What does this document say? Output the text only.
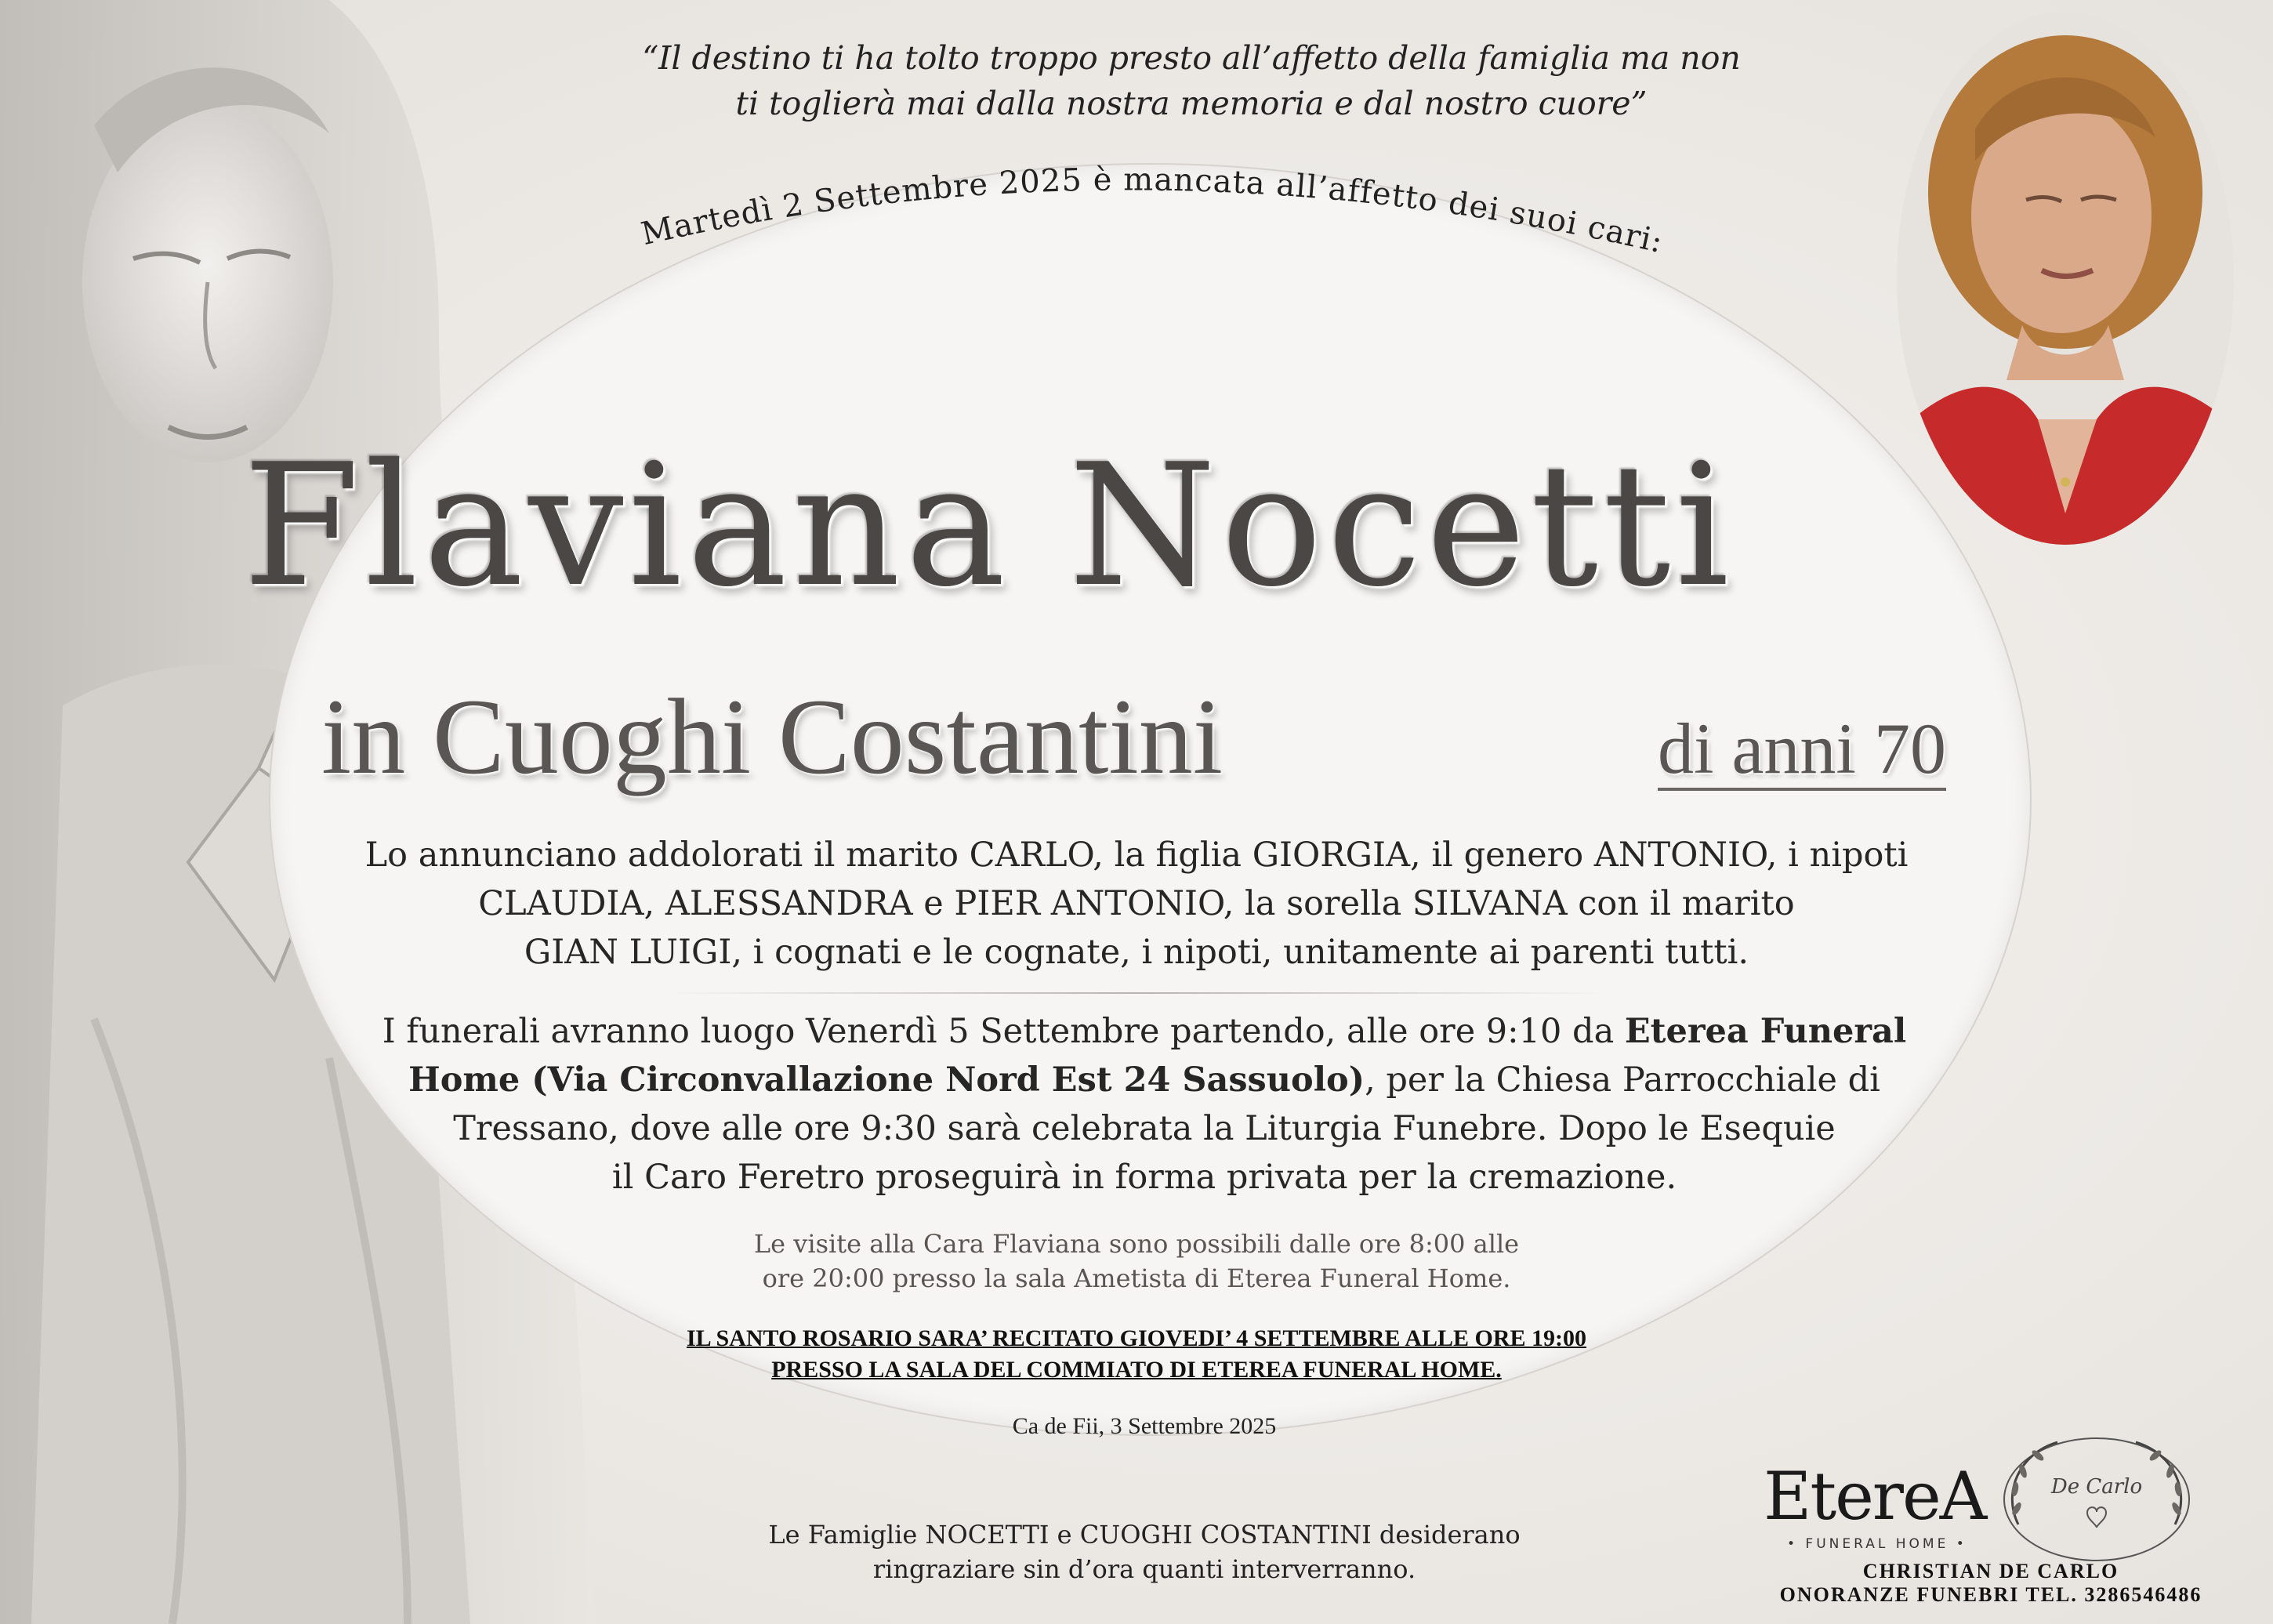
“Il destino ti ha tolto troppo presto all’affetto della famiglia ma non
ti toglierà mai dalla nostra memoria e dal nostro cuore”
Martedì 2 Settembre 2025 è mancata all’affetto dei suoi cari:
Flaviana Nocetti
in Cuoghi Costantini	di anni 70
Lo annunciano addolorati il marito CARLO, la figlia GIORGIA, il genero ANTONIO, i nipoti
CLAUDIA, ALESSANDRA e PIER ANTONIO, la sorella SILVANA con il marito
GIAN LUIGI, i cognati e le cognate, i nipoti, unitamente ai parenti tutti.
I funerali avranno luogo Venerdì 5 Settembre partendo, alle ore 9:10 da Eterea Funeral
Home (Via Circonvallazione Nord Est 24 Sassuolo), per la Chiesa Parrocchiale di
Tressano, dove alle ore 9:30 sarà celebrata la Liturgia Funebre. Dopo le Esequie
il Caro Feretro proseguirà in forma privata per la cremazione.
Le visite alla Cara Flaviana sono possibili dalle ore 8:00 alle
ore 20:00 presso la sala Ametista di Eterea Funeral Home.
IL SANTO ROSARIO SARA’ RECITATO GIOVEDI’ 4 SETTEMBRE ALLE ORE 19:00
PRESSO LA SALA DEL COMMIATO DI ETEREA FUNERAL HOME.
Ca de Fii, 3 Settembre 2025
Le Famiglie NOCETTI e CUOGHI COSTANTINI desiderano
ringraziare sin d’ora quanti interverranno.
EtereA
• FUNERAL HOME •
De Carlo
CHRISTIAN DE CARLO
ONORANZE FUNEBRI TEL. 3286546486
